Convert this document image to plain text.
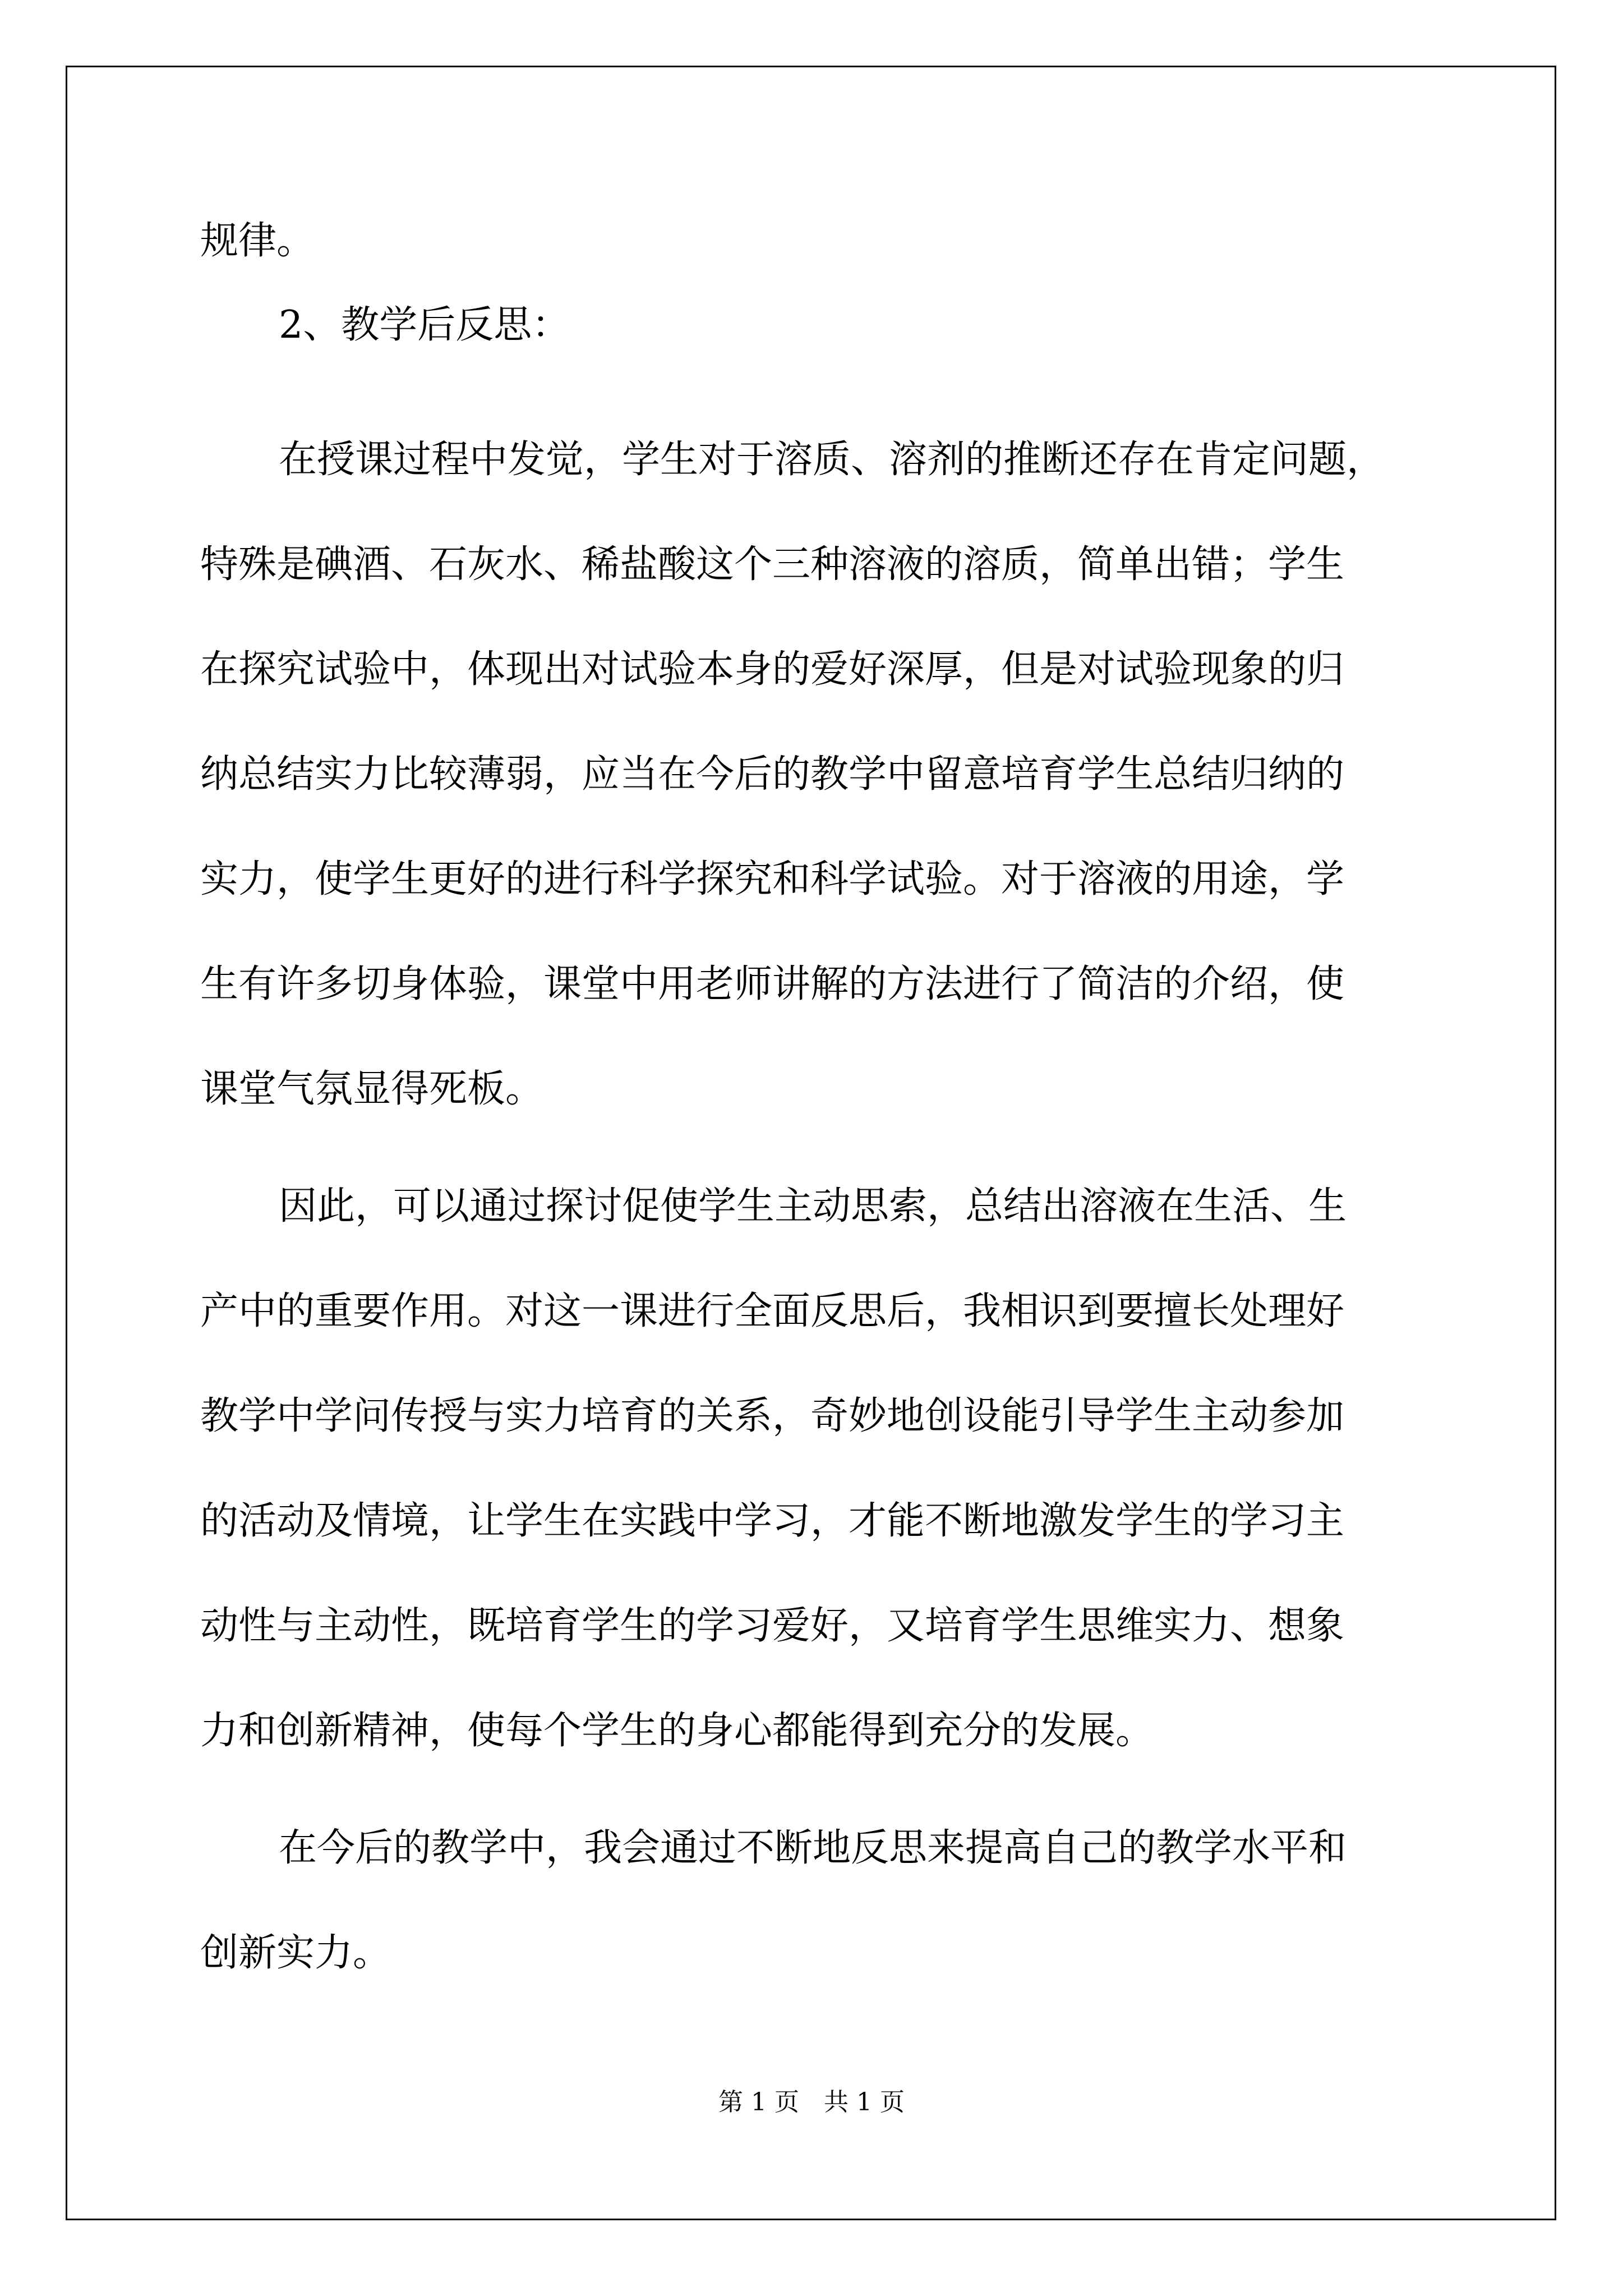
规律。
2、教学后反思：
在授课过程中发觉，学生对于溶质、溶剂的推断还存在肯定问题，
特殊是碘酒、石灰水、稀盐酸这个三种溶液的溶质，简单出错；学生
在探究试验中，体现出对试验本身的爱好深厚，但是对试验现象的归
纳总结实力比较薄弱，应当在今后的教学中留意培育学生总结归纳的
实力，使学生更好的进行科学探究和科学试验。对于溶液的用途，学
生有许多切身体验，课堂中用老师讲解的方法进行了简洁的介绍，使
课堂气氛显得死板。
因此，可以通过探讨促使学生主动思索，总结出溶液在生活、生
产中的重要作用。对这一课进行全面反思后，我相识到要擅长处理好
教学中学问传授与实力培育的关系，奇妙地创设能引导学生主动参加
的活动及情境，让学生在实践中学习，才能不断地激发学生的学习主
动性与主动性，既培育学生的学习爱好，又培育学生思维实力、想象
力和创新精神，使每个学生的身心都能得到充分的发展。
在今后的教学中，我会通过不断地反思来提高自己的教学水平和
创新实力。
第 1 页　共 1 页
